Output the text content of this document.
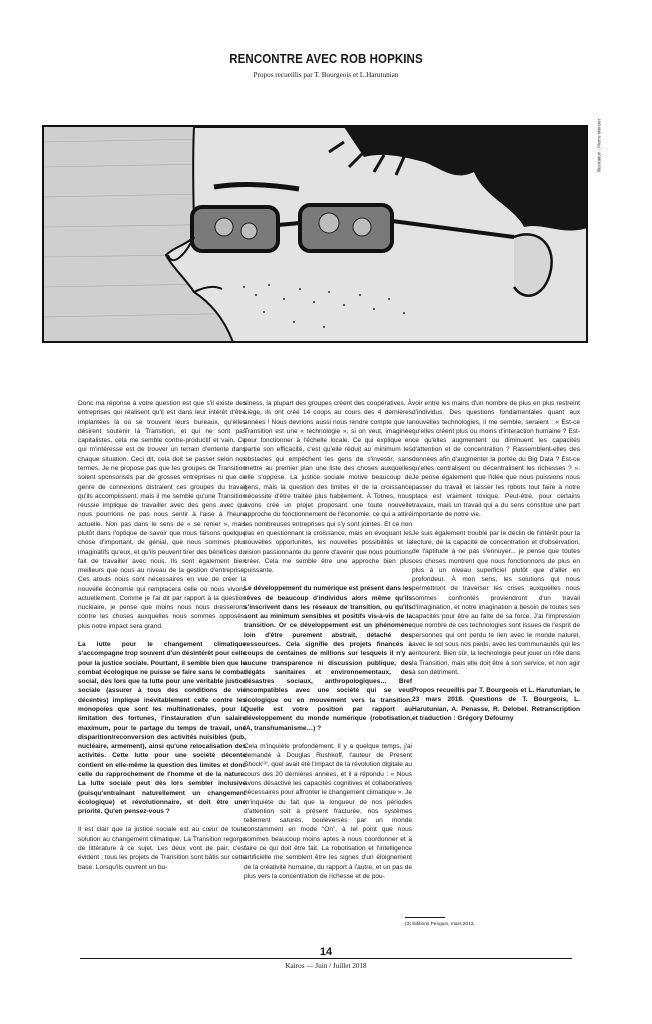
RENCONTRE AVEC ROB HOPKINS
Propos recueillis par T. Bourgeois et L.Harutunian
Illustration : Pierre Mercier

Donc ma réponse à votre question est que s'il existe des entreprises qui réalisent qu'il est dans leur intérêt d'être implantées là où se trouvent leurs bureaux, qu'elles désirent soutenir la Transition, et qui ne sont pas capitalistes, cela me semble contre-productif et vain. Ce qui m'intéresse est de trouver un terrain d'entente dans chaque situation. Ceci dit, cela doit se passer selon nos termes. Je ne propose pas que les groupes de Transition soient sponsorisés par de grosses entreprises ni que ce genre de connexions distraient ces groupes du travail qu'ils accomplissent, mais il me semble qu'une Transition réussie implique de travailler avec des gens avec qui nous pourrions ne pas nous sentir à l'aise à l'heure actuelle. Non pas dans le sens de « se renier », mais plutôt dans l'optique de savoir que nous faisons quelque chose d'important, de génial, que nous sommes plus imaginatifs qu'eux, et qu'ils peuvent tirer des bénéfices du fait de travailler avec nous. Ils sont également bien meilleurs que nous au niveau de la gestion d'entreprise. Ces atouts nous sont nécessaires en vue de créer la nouvelle économie qui remplacera celle où nous vivons actuellement. Comme je l'ai dit par rapport à la question nucléaire, je pense que moins nous nous dresserons contre les choses auxquelles nous sommes opposés, plus notre impact sera grand.

La lutte pour le changement climatique s'accompagne trop souvent d'un désintérêt pour celle pour la justice sociale. Pourtant, il semble bien que le combat écologique ne puisse se faire sans le combat social, dès lors que la lutte pour une véritable justice sociale (assurer à tous des conditions de vie décentes) implique inévitablement celle contre les monopoles que sont les multinationales, pour la limitation des fortunes, l'instauration d'un salaire maximum, pour le partage du temps de travail, une disparition/reconversion des activités nuisibles (pub, nucléaire, armement), ainsi qu'une relocalisation des activités. Cette lutte pour une société décente contient en elle-même la question des limites et donc celle du rapprochement de l'homme et de la nature. La lutte sociale peut dès lors sembler inclusive (puisqu'entraînant naturellement un changement écologique) et révolutionnaire, et doit être une priorité. Qu'en pensez-vous ?

Il est clair que la justice sociale est au cœur de toute solution au changement climatique. La Transition regorge de littérature à ce sujet. Les deux vont de pair, c'est évident ; tous les projets de Transition sont bâtis sur cette base. Lorsqu'ils ouvrent un bu-

siness, la plupart des groupes créent des coopératives. À Liège, ils ont créé 14 coops au cours des 4 dernières années ! Nous devrions aussi nous rendre compte que la Transition est une « technologie », si on veut, imaginée pour fonctionner à l'échelle locale. Ce qui explique en partie son efficacité, c'est qu'elle réduit au minimum les obstacles qui empêchent les gens de s'investir, sans mettre au premier plan une liste des choses auxquelles elle s'oppose. La justice sociale motive beaucoup de gens, mais la question des limites et de la croissance nécessite d'être traitée plus habilement. À Totnes, nous avons créé un projet proposant une toute nouvelle approche du fonctionnement de l'économie, ce qui a attiré les nombreuses entreprises qui s'y sont jointes. Et ce non pas en questionnant la croissance, mais en évoquant les nouvelles opportunités, les nouvelles possibilités et la vision passionnante du genre d'avenir que nous pourrions créer. Cela me semble être une approche bien plus puissante.

Le développement du numérique est présent dans les rêves de beaucoup d'individus alors même qu'ils s'inscrivent dans les réseaux de transition, ou qu'ils sont au minimum sensibles et positifs vis-à-vis de la transition. Or ce développement est un phénomène loin d'être purement abstrait, détaché des ressources. Cela signifie des projets financés à coups de centaines de millions sur lesquels il n'y a aucune transparence ni discussion publique, des dégâts sanitaires et environnementaux, des désastres sociaux, anthropologiques… Bref incompatibles avec une société qui se veut écologique ou en mouvement vers la transition. Quelle est votre position par rapport au développement du monde numérique (robotisation, IA, transhumanisme…) ?

Cela m'inquiète profondément. Il y a quelque temps, j'ai demandé à Douglas Rushkoff, l'auteur de Present Shock⁽³⁾, quel avait été l'impact de la révolution digitale au cours des 20 dernières années, et il a répondu : « Nous avons désactivé les capacités cognitives et collaboratives nécessaires pour affronter le changement climatique ». Je m'inquiète du fait que la longueur de nos périodes d'attention soit à présent fracturée, nos systèmes tellement saturés, bouleversés par un monde constamment en mode “On”, à tel point que nous sommes beaucoup moins aptes à nous coordonner et à faire ce qui doit être fait. La robotisation et l'intelligence artificielle me semblent être les signes d'un éloignement de la créativité humaine, du rapport à l'autre, et un pas de plus vers la concentration de richesse et de pou-

voir entre les mains d'un nombre de plus en plus restreint d'individus. Des questions fondamentales quant aux nouvelles technologies, il me semble, seraient : « Est-ce qu'elles créent plus ou moins d'interaction humaine ? Est-ce qu'elles augmentent ou diminuent les capacités d'attention et de concentration ? Rassemblent-elles des données afin d'augmenter la portée du Big Data ? Est-ce qu'elles centralisent ou décentralisent les richesses ? ». Je pense également que l'idée que nous puissions nous passer du travail et laisser les robots tout faire à notre place est vraiment toxique. Peut-être, pour certains travaux, mais un travail qui a du sens constitue une part importante de notre vie.

Je suis également troublé par le déclin de l'intérêt pour la lecture, de la capacité de concentration et d'observation, de l'aptitude à ne pas s'ennuyer... je pense que toutes ces choses montrent que nous fonctionnons de plus en plus à un niveau superficiel plutôt que d'aller en profondeur. À mon sens, les solutions qui nous permettront de traverser les crises auxquelles nous sommes confrontés proviendront d'un travail d'imagination, et notre imagination a besoin de toutes ses capacités pour être au faîte de sa force. J'ai l'impression que nombre de ces technologies sont issues de l'esprit de personnes qui ont perdu le lien avec le monde naturel, avec le sol sous nos pieds, avec les communautés qui les entourent. Bien sûr, la technologie peut jouer un rôle dans la Transition, mais elle doit être à son service, et non agir à son détriment.

Propos recueillis par T. Bourgeois et L. Harutunian, le 23 mars 2018. Questions de T. Bourgeois, L. Harutunian, A. Penasse, R. Delobel. Retranscription et traduction : Grégory Defourny

(3) Éditions Penguin, mars 2013.
14
Kairos — Juin / Juillet 2018
